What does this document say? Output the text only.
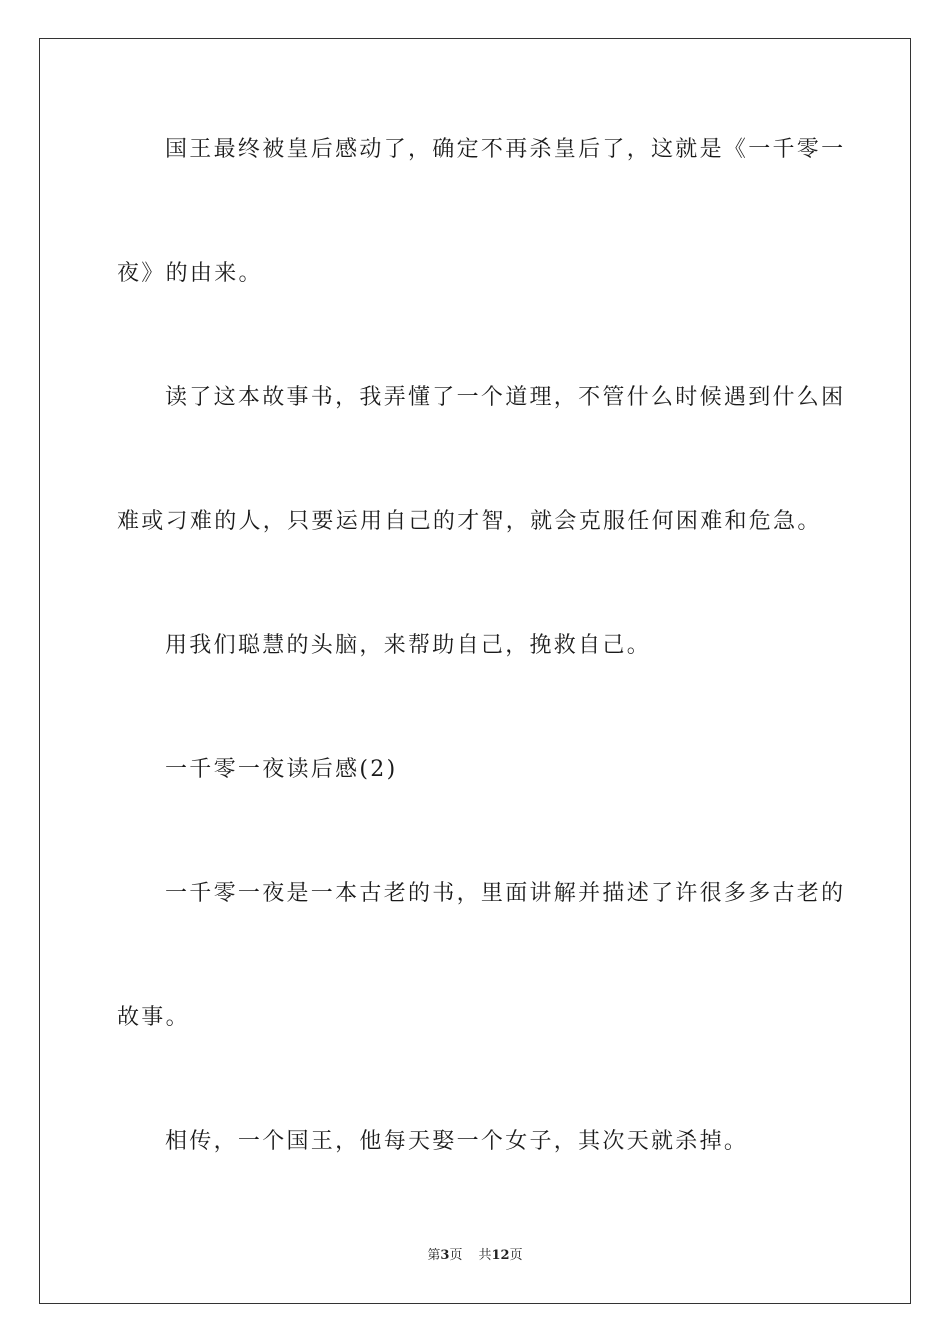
国王最终被皇后感动了，确定不再杀皇后了，这就是《一千零一
夜》的由来。
读了这本故事书，我弄懂了一个道理，不管什么时候遇到什么困
难或刁难的人，只要运用自己的才智，就会克服任何困难和危急。
用我们聪慧的头脑，来帮助自己，挽救自己。
一千零一夜读后感(2)
一千零一夜是一本古老的书，里面讲解并描述了许很多多古老的
故事。
相传，一个国王，他每天娶一个女子，其次天就杀掉。
第3页 共12页
